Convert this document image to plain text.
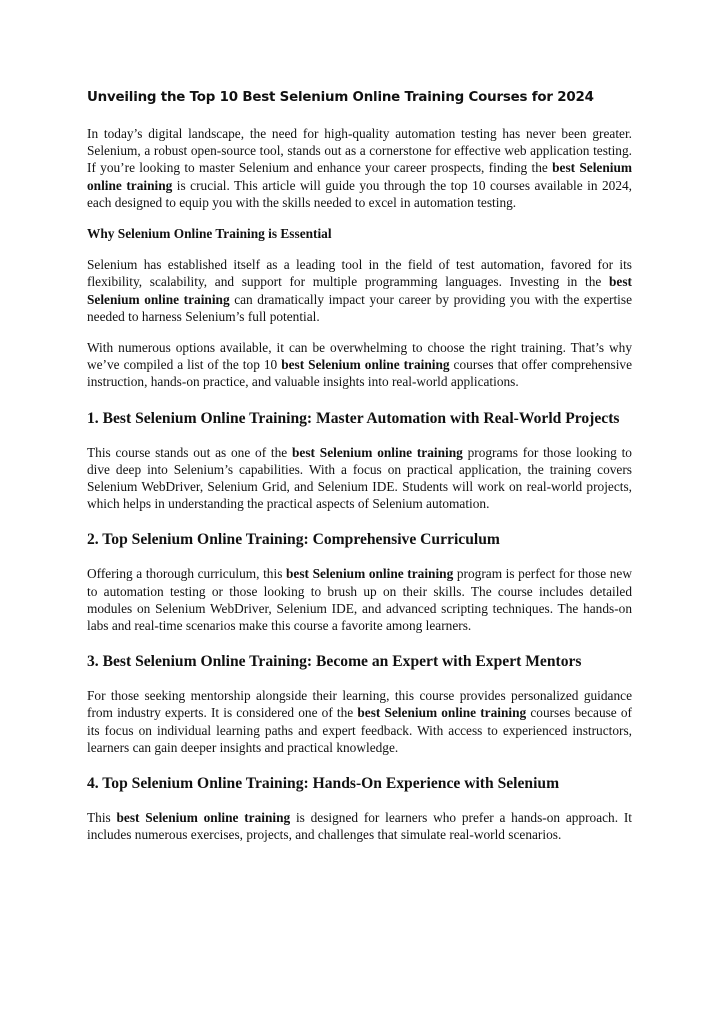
Unveiling the Top 10 Best Selenium Online Training Courses for 2024

In today’s digital landscape, the need for high-quality automation testing has never been greater. Selenium, a robust open-source tool, stands out as a cornerstone for effective web application testing. If you’re looking to master Selenium and enhance your career prospects, finding the best Selenium online training is crucial. This article will guide you through the top 10 courses available in 2024, each designed to equip you with the skills needed to excel in automation testing.

Why Selenium Online Training is Essential

Selenium has established itself as a leading tool in the field of test automation, favored for its flexibility, scalability, and support for multiple programming languages. Investing in the best Selenium online training can dramatically impact your career by providing you with the expertise needed to harness Selenium’s full potential.

With numerous options available, it can be overwhelming to choose the right training. That’s why we’ve compiled a list of the top 10 best Selenium online training courses that offer comprehensive instruction, hands-on practice, and valuable insights into real-world applications.

1. Best Selenium Online Training: Master Automation with Real-World Projects

This course stands out as one of the best Selenium online training programs for those looking to dive deep into Selenium’s capabilities. With a focus on practical application, the training covers Selenium WebDriver, Selenium Grid, and Selenium IDE. Students will work on real-world projects, which helps in understanding the practical aspects of Selenium automation.

2. Top Selenium Online Training: Comprehensive Curriculum

Offering a thorough curriculum, this best Selenium online training program is perfect for those new to automation testing or those looking to brush up on their skills. The course includes detailed modules on Selenium WebDriver, Selenium IDE, and advanced scripting techniques. The hands-on labs and real-time scenarios make this course a favorite among learners.

3. Best Selenium Online Training: Become an Expert with Expert Mentors

For those seeking mentorship alongside their learning, this course provides personalized guidance from industry experts. It is considered one of the best Selenium online training courses because of its focus on individual learning paths and expert feedback. With access to experienced instructors, learners can gain deeper insights and practical knowledge.

4. Top Selenium Online Training: Hands-On Experience with Selenium

This best Selenium online training is designed for learners who prefer a hands-on approach. It includes numerous exercises, projects, and challenges that simulate real-world scenarios.
